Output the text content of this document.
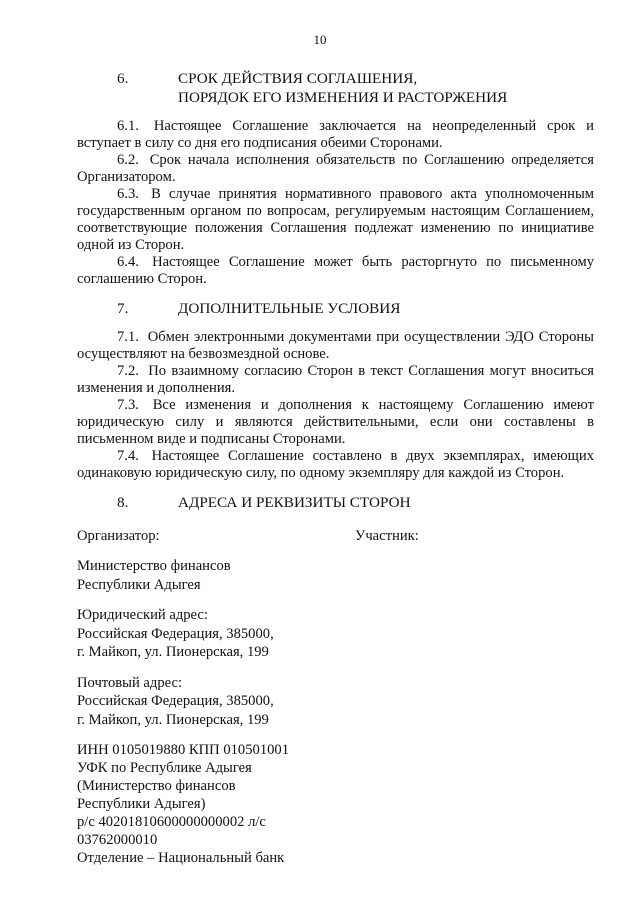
10
6.	СРОК ДЕЙСТВИЯ СОГЛАШЕНИЯ,
ПОРЯДОК ЕГО ИЗМЕНЕНИЯ И РАСТОРЖЕНИЯ

6.1. Настоящее Соглашение заключается на неопределенный срок и вступает в силу со дня его подписания обеими Сторонами.

6.2. Срок начала исполнения обязательств по Соглашению определяется Организатором.

6.3. В случае принятия нормативного правового акта уполномоченным государственным органом по вопросам, регулируемым настоящим Соглашением, соответствующие положения Соглашения подлежат изменению по инициативе одной из Сторон.

6.4. Настоящее Соглашение может быть расторгнуто по письменному соглашению Сторон.

7.	ДОПОЛНИТЕЛЬНЫЕ УСЛОВИЯ

7.1. Обмен электронными документами при осуществлении ЭДО Стороны осуществляют на безвозмездной основе.

7.2. По взаимному согласию Сторон в текст Соглашения могут вноситься изменения и дополнения.

7.3. Все изменения и дополнения к настоящему Соглашению имеют юридическую силу и являются действительными, если они составлены в письменном виде и подписаны Сторонами.

7.4. Настоящее Соглашение составлено в двух экземплярах, имеющих одинаковую юридическую силу, по одному экземпляру для каждой из Сторон.

8.	АДРЕСА И РЕКВИЗИТЫ СТОРОН
Организатор:	Участник:

Министерство финансов

Республики Адыгея

Юридический адрес:

Российская Федерация, 385000,

г. Майкоп, ул. Пионерская, 199

Почтовый адрес:

Российская Федерация, 385000,

г. Майкоп, ул. Пионерская, 199

ИНН 0105019880 КПП 010501001

УФК по Республике Адыгея

(Министерство финансов

Республики Адыгея)

р/с 40201810600000000002 л/с

03762000010

Отделение – Национальный банк
